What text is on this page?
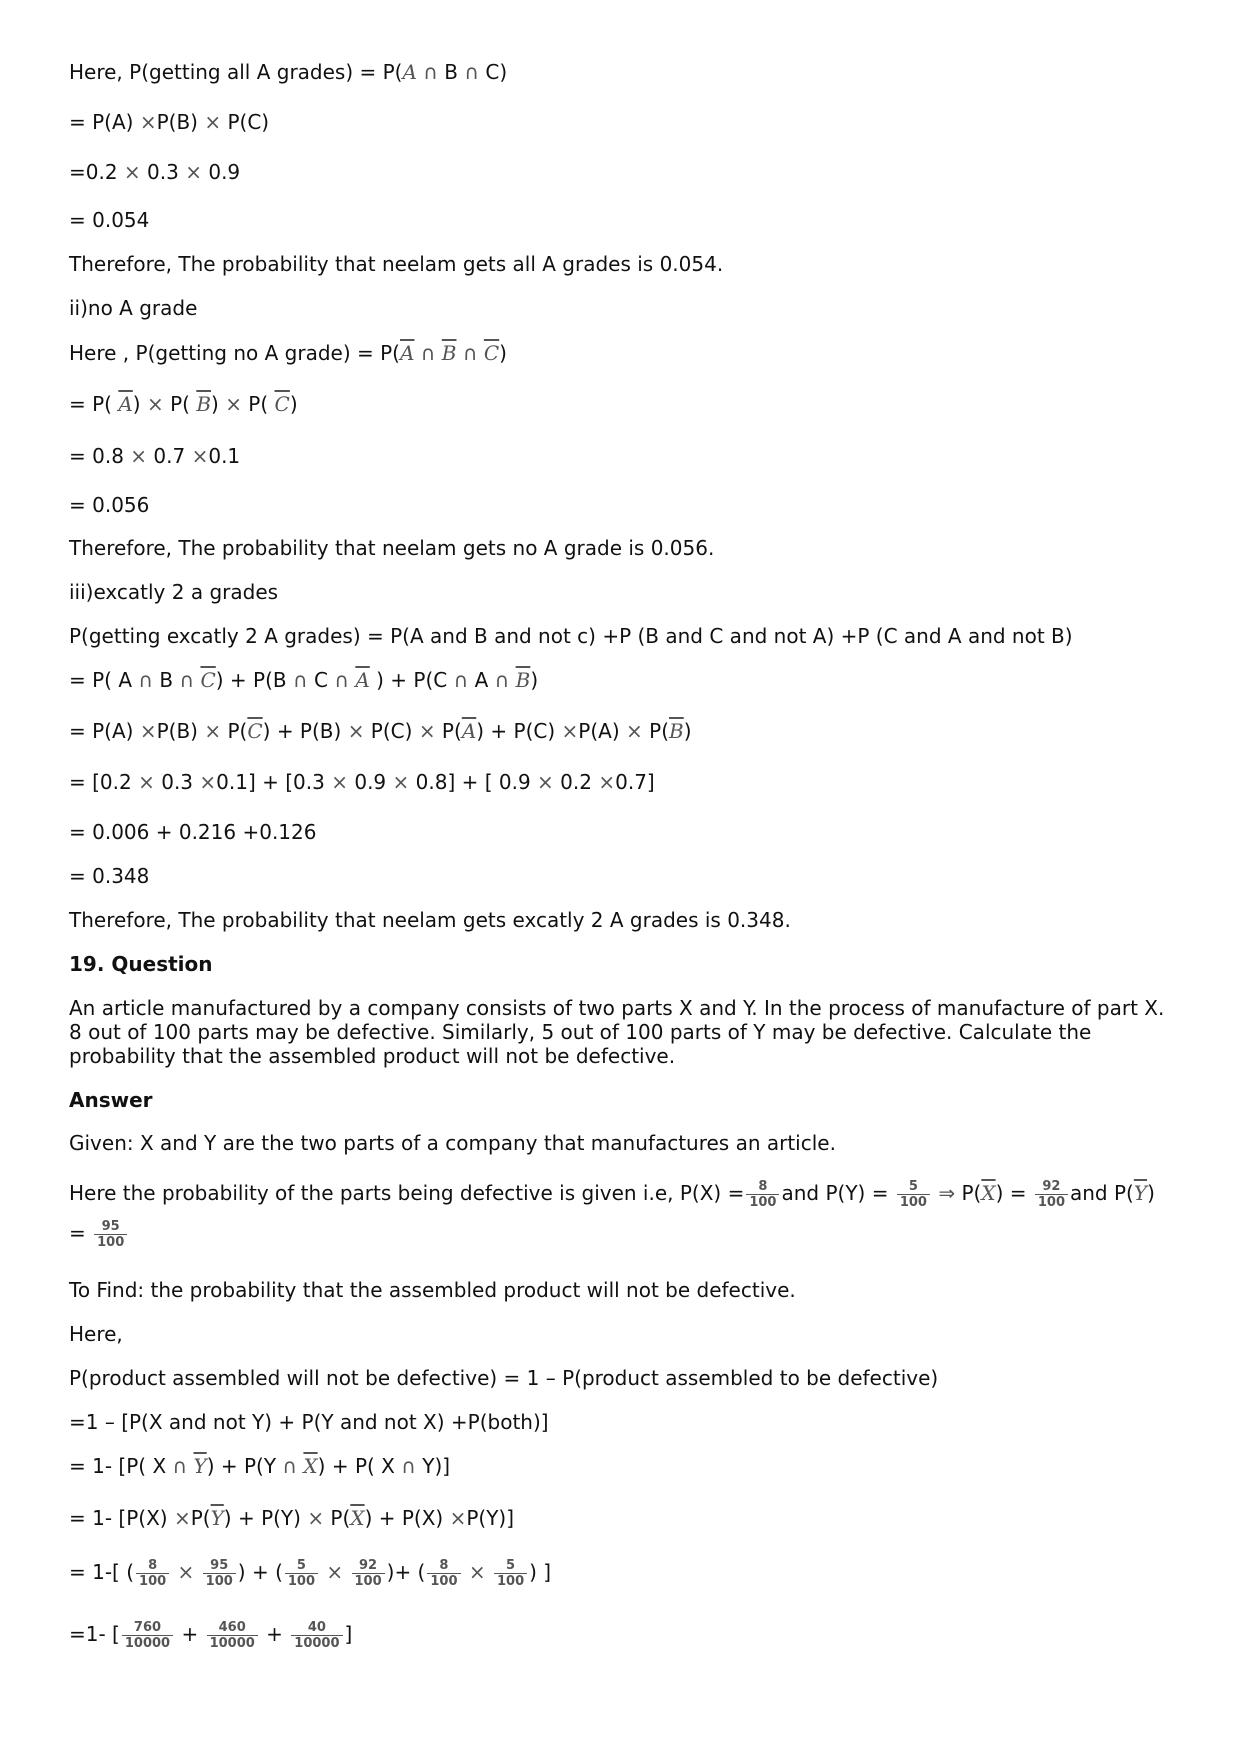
Here, P(getting all A grades) = P(A ∩ B ∩ C)
= P(A) ×P(B) × P(C)
=0.2 × 0.3 × 0.9
= 0.054
Therefore, The probability that neelam gets all A grades is 0.054.
ii)no A grade
Here , P(getting no A grade) = $P(\overline{A}$ ∩ $\overline{B}$ ∩ $\overline{C}$)
= P( $\overline{A}) \times P$( $\overline{B}) \times P$( $\overline{C}$)
= 0.8 × 0.7 ×0.1
= 0.056
Therefore, The probability that neelam gets no A grade is 0.056.
iii)excatly 2 a grades
P(getting excatly 2 A grades) = P(A and B and not c) +P (B and C and not A) +P (C and A and not B)
= P( A ∩ B ∩ $\overline{C}) + P(B$ ∩ C ∩ $\overline{A}$ ) + P(C ∩ A ∩ $\overline{B}$)
= $P(A) \times P(B) \times P(\overline{C}) + P(B) \times P(C) \times P(\overline{A}) + P(C) \times P(A) \times P(\overline{B})$
= [0.2 × 0.3 ×0.1] + [0.3 × 0.9 × 0.8] + [ 0.9 × 0.2 ×0.7]
= 0.006 + 0.216 +0.126
= 0.348
Therefore, The probability that neelam gets excatly 2 A grades is 0.348.
19. Question
An article manufactured by a company consists of two parts X and Y. In the process of manufacture of part X. 8 out of 100 parts may be defective. Similarly, 5 out of 100 parts of Y may be defective. Calculate the probability that the assembled product will not be defective.
Answer
Given: X and Y are the two parts of a company that manufactures an article.
Here the probability of the parts being defective is given i.e, $P(X) = \frac{8}{100}$ and $P(Y) = \frac{5}{100}$ ⇒ $P(\overline{X}) = \frac{92}{100}$ and $P(\overline{Y})$
= $\frac{95}{100}$
To Find: the probability that the assembled product will not be defective.
Here,
P(product assembled will not be defective) = 1 – P(product assembled to be defective)
=1 – [P(X and not Y) + P(Y and not X) +P(both)]
= 1- [P( X ∩ $\overline{Y}) + P(Y$ ∩ $\overline{X}) + P$( X ∩ Y)]
= 1- $[P(X) \times P(\overline{Y}) + P(Y) \times P(\overline{X}) + P(X) \times P(Y)]$
= 1-[ ( $\frac{8}{100} \times \frac{95}{100}$ ) + ( $\frac{5}{100} \times \frac{92}{100}$ )+ ( $\frac{8}{100} \times \frac{5}{100}$ ) ]
=1- [ $\frac{760}{10000} + \frac{460}{10000} + \frac{40}{10000}$ ]
